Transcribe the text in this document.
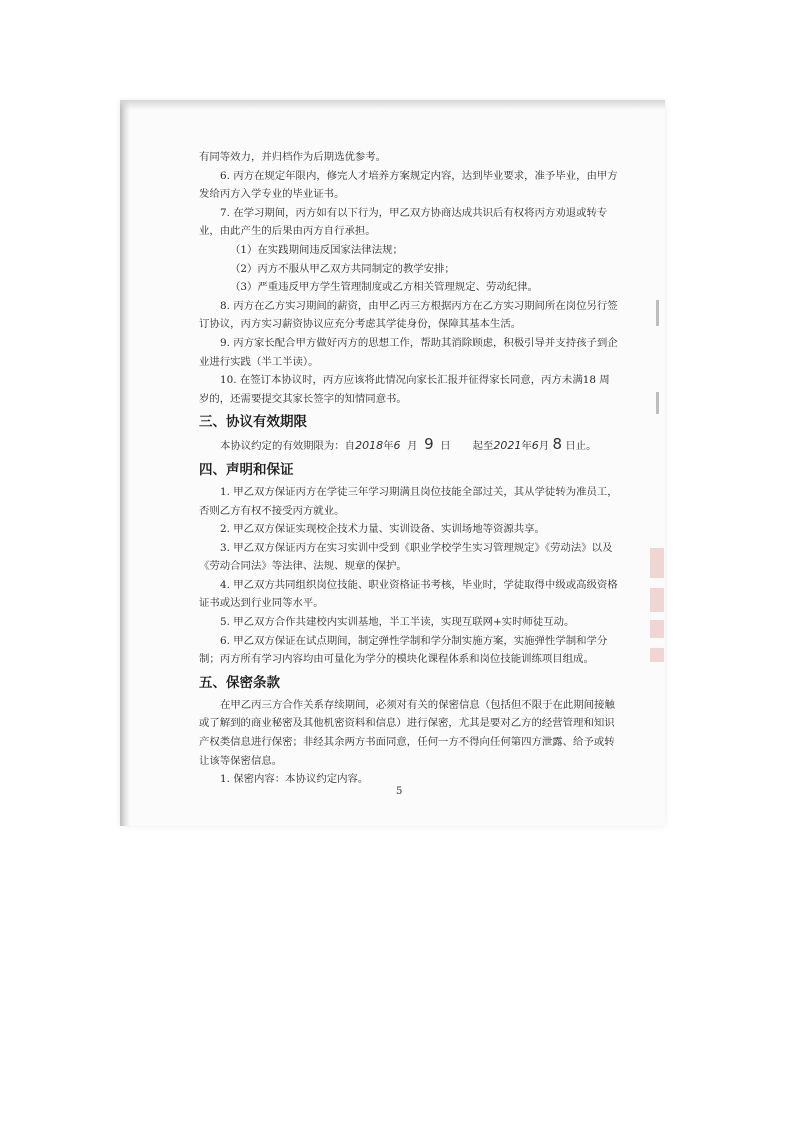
有同等效力，并归档作为后期选优参考。

6. 丙方在规定年限内，修完人才培养方案规定内容，达到毕业要求，准予毕业，由甲方发给丙方入学专业的毕业证书。

7. 在学习期间，丙方如有以下行为，甲乙双方协商达成共识后有权将丙方劝退或转专业，由此产生的后果由丙方自行承担。

（1）在实践期间违反国家法律法规；

（2）丙方不服从甲乙双方共同制定的教学安排；

（3）严重违反甲方学生管理制度或乙方相关管理规定、劳动纪律。

8. 丙方在乙方实习期间的薪资，由甲乙丙三方根据丙方在乙方实习期间所在岗位另行签订协议，丙方实习薪资协议应充分考虑其学徒身份，保障其基本生活。

9. 丙方家长配合甲方做好丙方的思想工作，帮助其消除顾虑，积极引导并支持孩子到企业进行实践（半工半读）。

10. 在签订本协议时，丙方应该将此情况向家长汇报并征得家长同意，丙方未满18 周岁的，还需要提交其家长签字的知情同意书。

三、协议有效期限

本协议约定的有效期限为：自2018年6 月 9 日 起至2021年6月 8 日止。

四、声明和保证

1. 甲乙双方保证丙方在学徒三年学习期满且岗位技能全部过关，其从学徒转为准员工，否则乙方有权不接受丙方就业。

2. 甲乙双方保证实现校企技术力量、实训设备、实训场地等资源共享。

3. 甲乙双方保证丙方在实习实训中受到《职业学校学生实习管理规定》《劳动法》以及《劳动合同法》等法律、法规、规章的保护。

4. 甲乙双方共同组织岗位技能、职业资格证书考核，毕业时，学徒取得中级或高级资格证书或达到行业同等水平。

5. 甲乙双方合作共建校内实训基地，半工半读，实现互联网+实时师徒互动。

6. 甲乙双方保证在试点期间，制定弹性学制和学分制实施方案，实施弹性学制和学分制；丙方所有学习内容均由可量化为学分的模块化课程体系和岗位技能训练项目组成。

五、保密条款

在甲乙丙三方合作关系存续期间，必须对有关的保密信息（包括但不限于在此期间接触或了解到的商业秘密及其他机密资料和信息）进行保密，尤其是要对乙方的经营管理和知识产权类信息进行保密；非经其余两方书面同意，任何一方不得向任何第四方泄露、给予或转让该等保密信息。

1. 保密内容：本协议约定内容。

5
